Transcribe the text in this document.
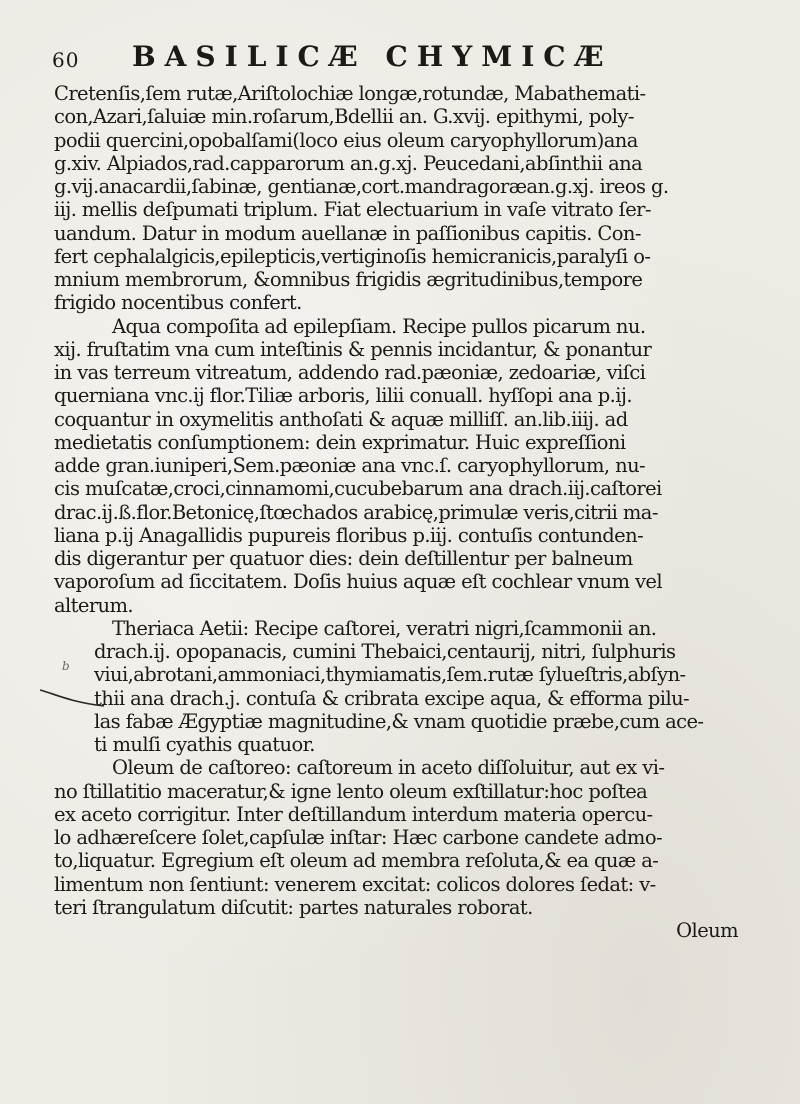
60 BASILICÆ CHYMICÆ
b
Cretenſis,ſem rutæ,Ariſtolochiæ longæ,rotundæ, Mabathemati-
con,Azari,ſaluiæ min.roſarum,Bdellii an. G.xvij. epithymi, poly-
podii quercini,opobalſami(loco eius oleum caryophyllorum)ana
g.xiv. Alpiados,rad.capparorum an.g.xj. Peucedani,abſinthii ana
g.vij.anacardii,ſabinæ, gentianæ,cort.mandragoræan.g.xj. ireos g.
iij. mellis deſpumati triplum. Fiat electuarium in vaſe vitrato ſer-
uandum. Datur in modum auellanæ in paſſionibus capitis. Con-
fert cephalalgicis,epilepticis,vertiginoſis hemicranicis,paralyſi o-
mnium membrorum, &omnibus frigidis ægritudinibus,tempore
frigido nocentibus confert.
Aqua compoſita ad epilepſiam. Recipe pullos picarum nu.
xij. fruſtatim vna cum inteſtinis & pennis incidantur, & ponantur
in vas terreum vitreatum, addendo rad.pæoniæ, zedoariæ, viſci
querniana vnc.ij flor.Tiliæ arboris, lilii conuall. hyſſopi ana p.ij.
coquantur in oxymelitis anthoſati & aquæ milliſſ. an.lib.iiij. ad
medietatis conſumptionem: dein exprimatur. Huic expreſſioni
adde gran.iuniperi,Sem.pæoniæ ana vnc.ſ. caryophyllorum, nu-
cis muſcatæ,croci,cinnamomi,cucubebarum ana drach.iij.caſtorei
drac.ij.ß.flor.Betonicę,ſtœchados arabicę,primulæ veris,citrii ma-
liana p.ij Anagallidis pupureis floribus p.iij. contuſis contunden-
dis digerantur per quatuor dies: dein deſtillentur per balneum
vaporoſum ad ſiccitatem. Doſis huius aquæ eſt cochlear vnum vel
alterum.
Theriaca Aetii: Recipe caſtorei, veratri nigri,ſcammonii an.
drach.ij. opopanacis, cumini Thebaici,centaurij, nitri, ſulphuris
viui,abrotani,ammoniaci,thymiamatis,ſem.rutæ ſylueſtris,abſyn-
thii ana drach.j. contuſa & cribrata excipe aqua, & efforma pilu-
las fabæ Ægyptiæ magnitudine,& vnam quotidie præbe,cum ace-
ti mulſi cyathis quatuor.
Oleum de caſtoreo: caſtoreum in aceto diſſoluitur, aut ex vi-
no ſtillatitio maceratur,& igne lento oleum exſtillatur:hoc poſtea
ex aceto corrigitur. Inter deſtillandum interdum materia opercu-
lo adhæreſcere ſolet,capſulæ inſtar: Hæc carbone candete admo-
to,liquatur. Egregium eſt oleum ad membra reſoluta,& ea quæ a-
limentum non ſentiunt: venerem excitat: colicos dolores ſedat: v-
teri ſtrangulatum diſcutit: partes naturales roborat.
Oleum
